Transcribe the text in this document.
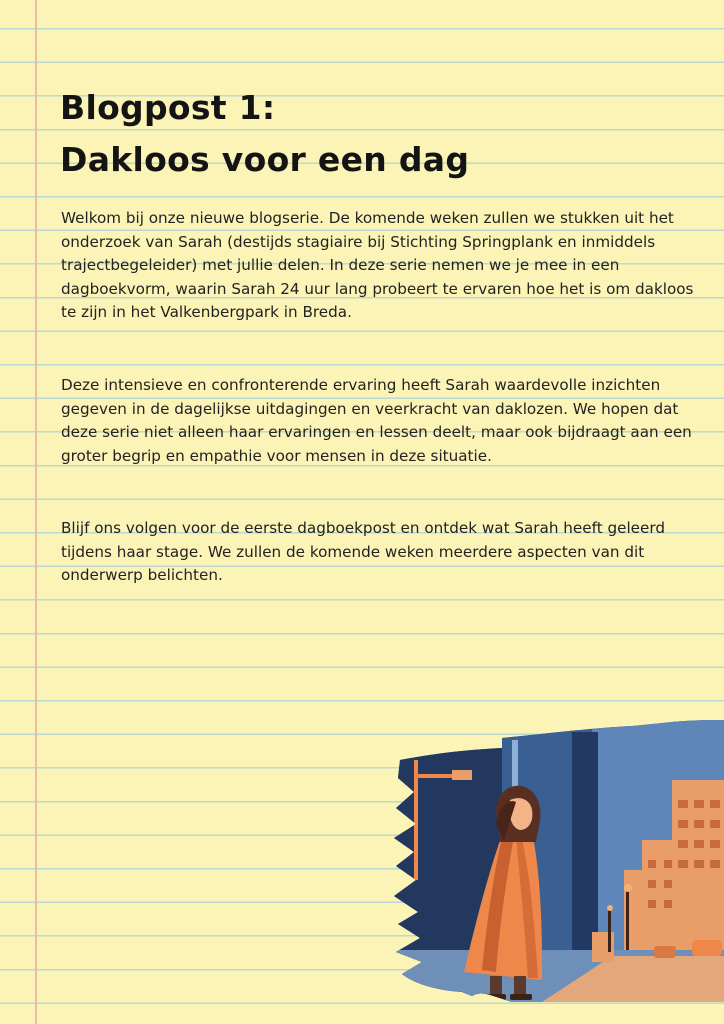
Blogpost 1:
Dakloos voor een dag

Welkom bij onze nieuwe blogserie. De komende weken zullen we stukken uit het onderzoek van Sarah (destijds stagiaire bij Stichting Springplank en inmiddels trajectbegeleider) met jullie delen. In deze serie nemen we je mee in een dagboekvorm, waarin Sarah 24 uur lang probeert te ervaren hoe het is om dakloos te zijn in het Valkenbergpark in Breda.

Deze intensieve en confronterende ervaring heeft Sarah waardevolle inzichten gegeven in de dagelijkse uitdagingen en veerkracht van daklozen. We hopen dat deze serie niet alleen haar ervaringen en lessen deelt, maar ook bijdraagt aan een groter begrip en empathie voor mensen in deze situatie.

Blijf ons volgen voor de eerste dagboekpost en ontdek wat Sarah heeft geleerd tijdens haar stage. We zullen de komende weken meerdere aspecten van dit onderwerp belichten.
